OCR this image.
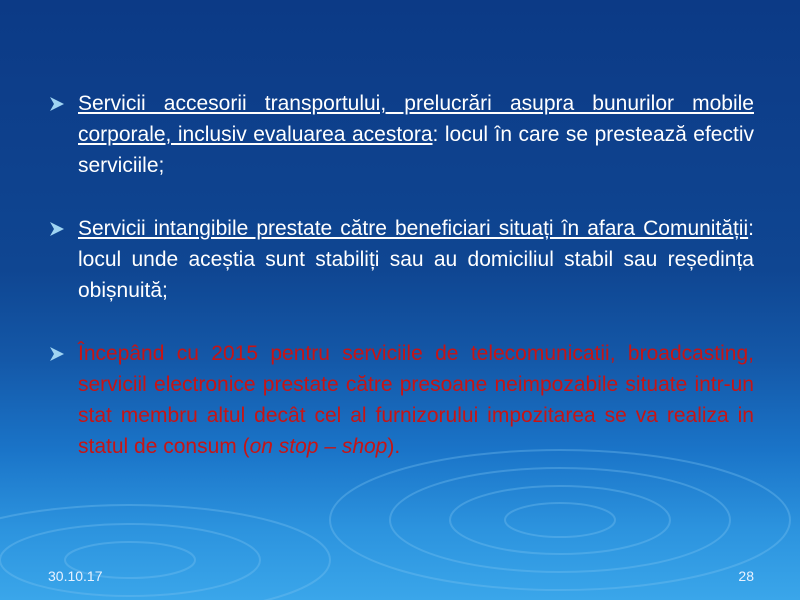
Servicii accesorii transportului, prelucrări asupra bunurilor mobile corporale, inclusiv evaluarea acestora: locul în care se prestează efectiv serviciile;
Servicii intangibile prestate către beneficiari situați în afara Comunității: locul unde aceștia sunt stabiliți sau au domiciliul stabil sau reședința obișnuită;
Începând cu 2015 pentru serviciile de telecomunicatii, broadcasting, serviciil electronice prestate către presoane neimpozabile situate intr-un stat membru altul decât cel al furnizorului impozitarea se va realiza in statul de consum (on stop – shop).
30.10.17	28
